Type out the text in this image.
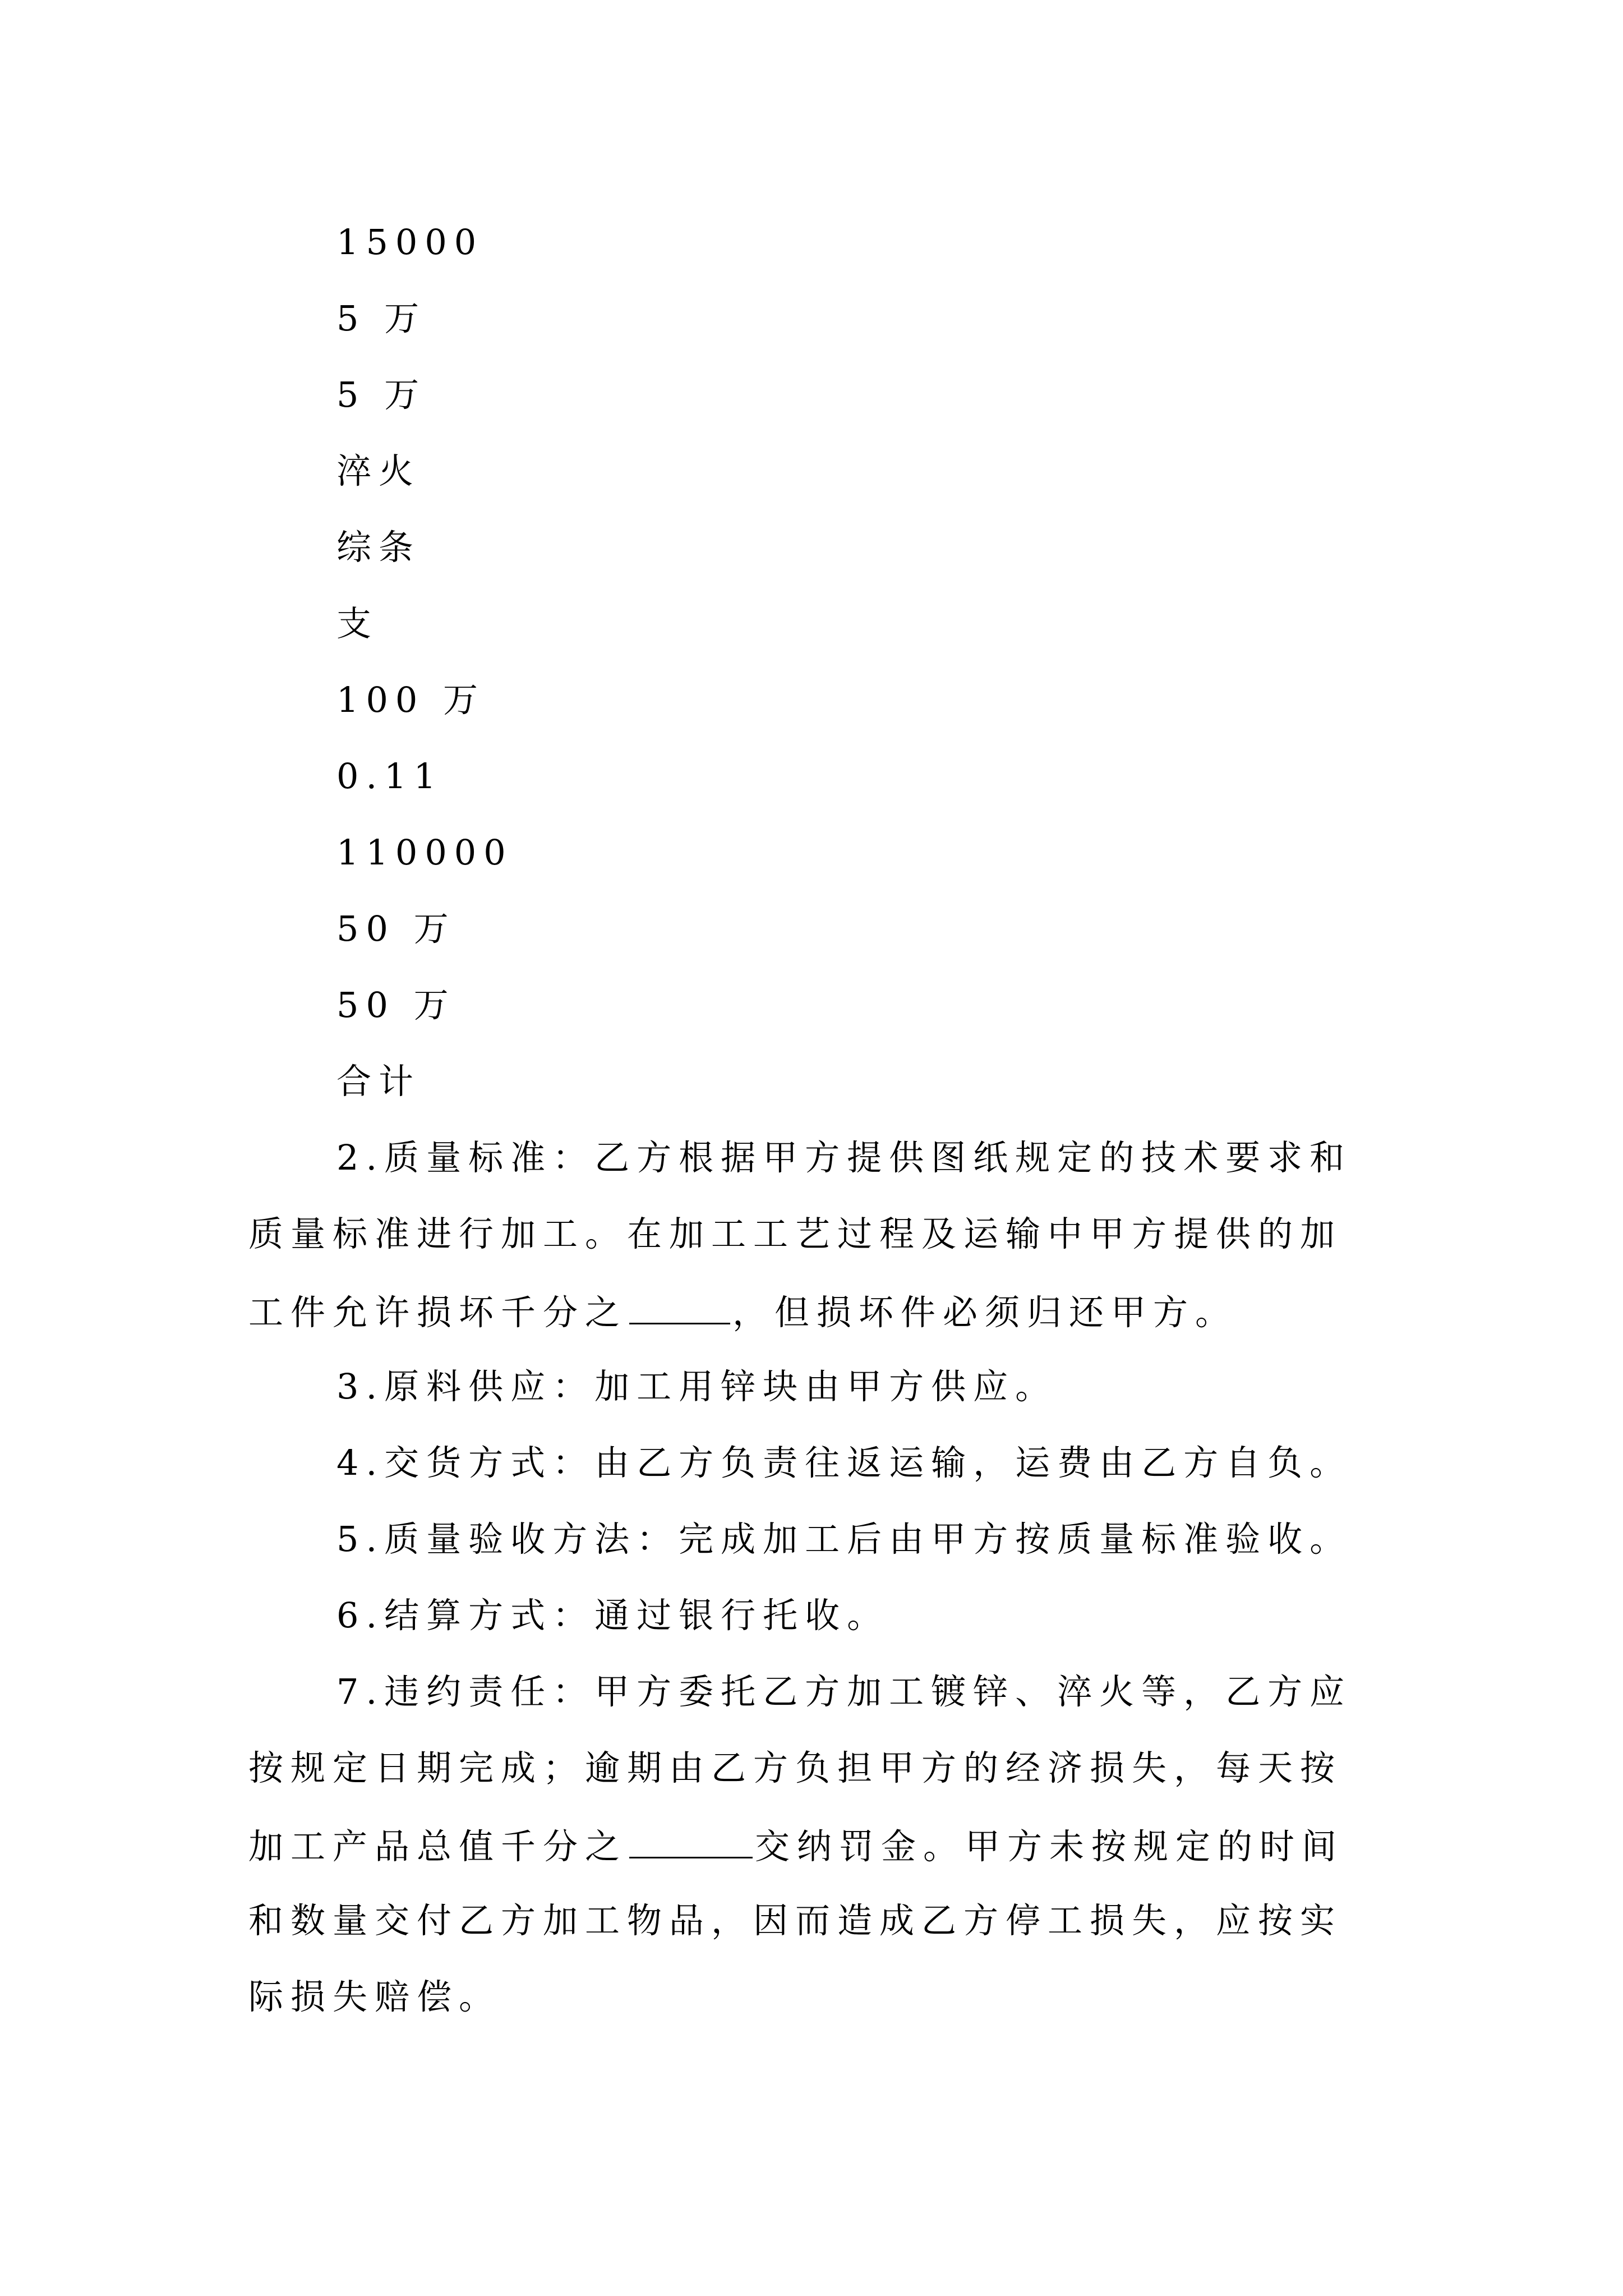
15000

5 万

5 万

淬火

综条

支

100 万

0.11

110000

50 万

50 万

合计

2.质量标准：乙方根据甲方提供图纸规定的技术要求和

质量标准进行加工。在加工工艺过程及运输中甲方提供的加

工件允许损坏千分之	，但损坏件必须归还甲方。

3.原料供应：加工用锌块由甲方供应。

4.交货方式：由乙方负责往返运输，运费由乙方自负。

5.质量验收方法：完成加工后由甲方按质量标准验收。

6.结算方式：通过银行托收。

7.违约责任：甲方委托乙方加工镀锌、淬火等，乙方应

按规定日期完成；逾期由乙方负担甲方的经济损失，每天按

加工产品总值千分之	交纳罚金。甲方未按规定的时间

和数量交付乙方加工物品，因而造成乙方停工损失，应按实

际损失赔偿。
